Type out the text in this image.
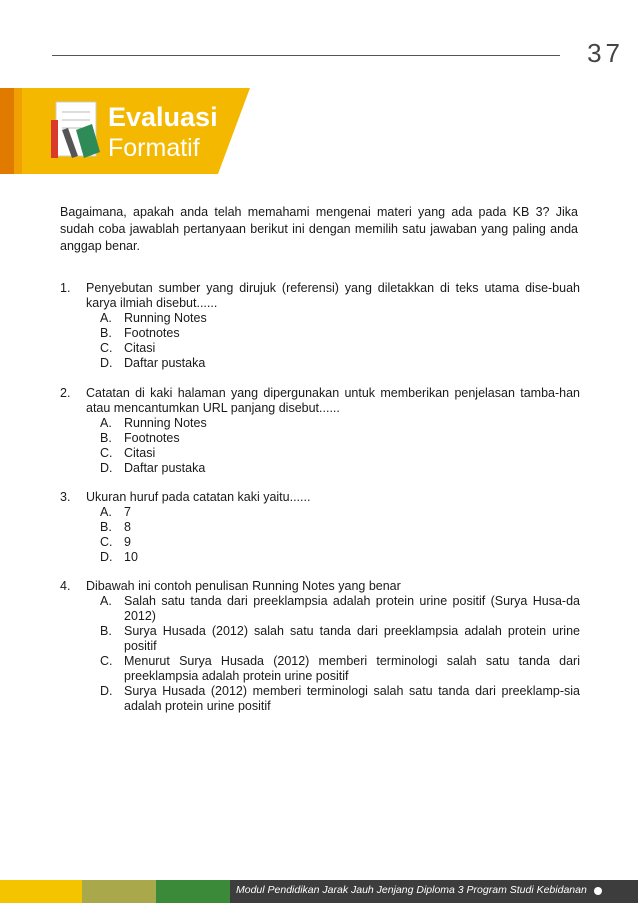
37
Evaluasi
Formatif
Bagaimana, apakah anda telah memahami mengenai materi yang ada pada KB 3? Jika sudah coba jawablah pertanyaan berikut ini dengan memilih satu jawaban yang paling anda anggap benar.
1.	Penyebutan sumber yang dirujuk (referensi) yang diletakkan di teks utama dise-buah karya ilmiah disebut......
A. Running Notes
B. Footnotes
C. Citasi
D. Daftar pustaka
2.	Catatan di kaki halaman yang dipergunakan untuk memberikan penjelasan tamba-han atau mencantumkan URL panjang disebut......
A. Running Notes
B. Footnotes
C. Citasi
D. Daftar pustaka
3.	Ukuran huruf pada catatan kaki yaitu......
A. 7
B. 8
C. 9
D. 10
4.	Dibawah ini contoh penulisan Running Notes yang benar
A. Salah satu tanda dari preeklampsia adalah protein urine positif (Surya Husa-da 2012)
B. Surya Husada (2012) salah satu tanda dari preeklampsia adalah protein urine positif
C. Menurut Surya Husada (2012) memberi terminologi salah satu tanda dari preeklampsia adalah protein urine positif
D. Surya Husada (2012) memberi terminologi salah satu tanda dari preeklamp-sia adalah protein urine positif
Modul Pendidikan Jarak Jauh Jenjang Diploma 3 Program Studi Kebidanan
